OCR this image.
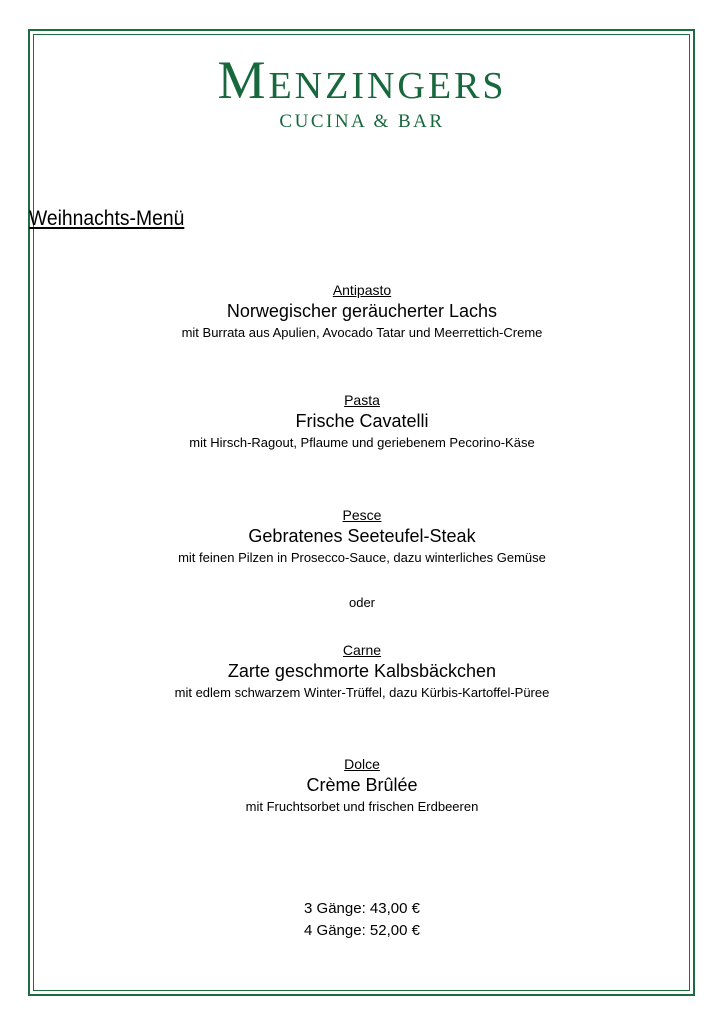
Menzingers
CUCINA & BAR
Weihnachts-Menü
Antipasto
Norwegischer geräucherter Lachs
mit Burrata aus Apulien, Avocado Tatar und Meerrettich-Creme
Pasta
Frische Cavatelli
mit Hirsch-Ragout, Pflaume und geriebenem Pecorino-Käse
Pesce
Gebratenes Seeteufel-Steak
mit feinen Pilzen in Prosecco-Sauce, dazu winterliches Gemüse
oder
Carne
Zarte geschmorte Kalbsbäckchen
mit edlem schwarzem Winter-Trüffel, dazu Kürbis-Kartoffel-Püree
Dolce
Crème Brûlée
mit Fruchtsorbet und frischen Erdbeeren
3 Gänge: 43,00 €
4 Gänge: 52,00 €
